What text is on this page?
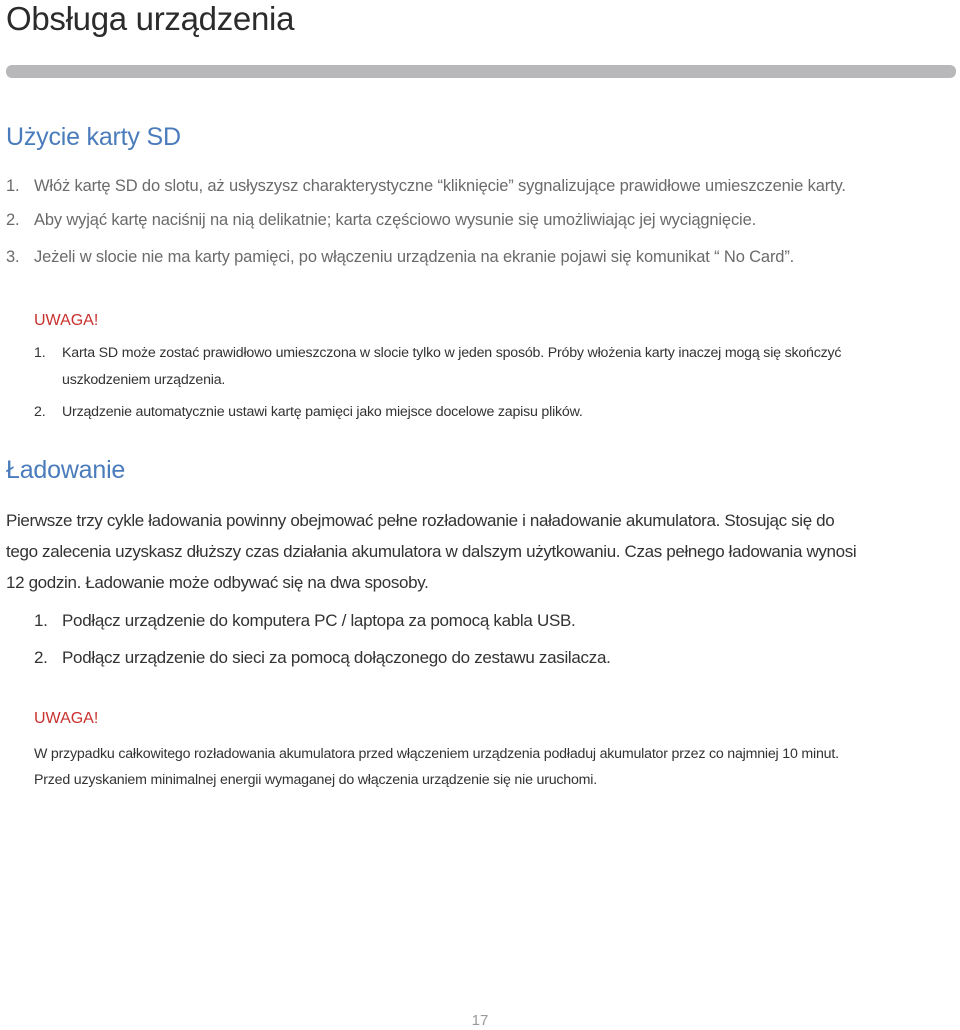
Obsługa urządzenia
Użycie karty SD
1. Włóż kartę SD do slotu, aż usłyszysz charakterystyczne “kliknięcie” sygnalizujące prawidłowe umieszczenie karty.
2. Aby wyjąć kartę naciśnij na nią delikatnie; karta częściowo wysunie się umożliwiając jej wyciągnięcie.
3. Jeżeli w slocie nie ma karty pamięci, po włączeniu urządzenia na ekranie pojawi się komunikat “ No Card”.
UWAGA!
1. Karta SD może zostać prawidłowo umieszczona w slocie tylko w jeden sposób. Próby włożenia karty inaczej mogą się skończyć
uszkodzeniem urządzenia.
2. Urządzenie automatycznie ustawi kartę pamięci jako miejsce docelowe zapisu plików.
Ładowanie
Pierwsze trzy cykle ładowania powinny obejmować pełne rozładowanie i naładowanie akumulatora. Stosując się do
tego zalecenia uzyskasz dłuższy czas działania akumulatora w dalszym użytkowaniu. Czas pełnego ładowania wynosi
12 godzin. Ładowanie może odbywać się na dwa sposoby.
1. Podłącz urządzenie do komputera PC / laptopa za pomocą kabla USB.
2. Podłącz urządzenie do sieci za pomocą dołączonego do zestawu zasilacza.
UWAGA!
W przypadku całkowitego rozładowania akumulatora przed włączeniem urządzenia podładuj akumulator przez co najmniej 10 minut.
Przed uzyskaniem minimalnej energii wymaganej do włączenia urządzenie się nie uruchomi.
17
